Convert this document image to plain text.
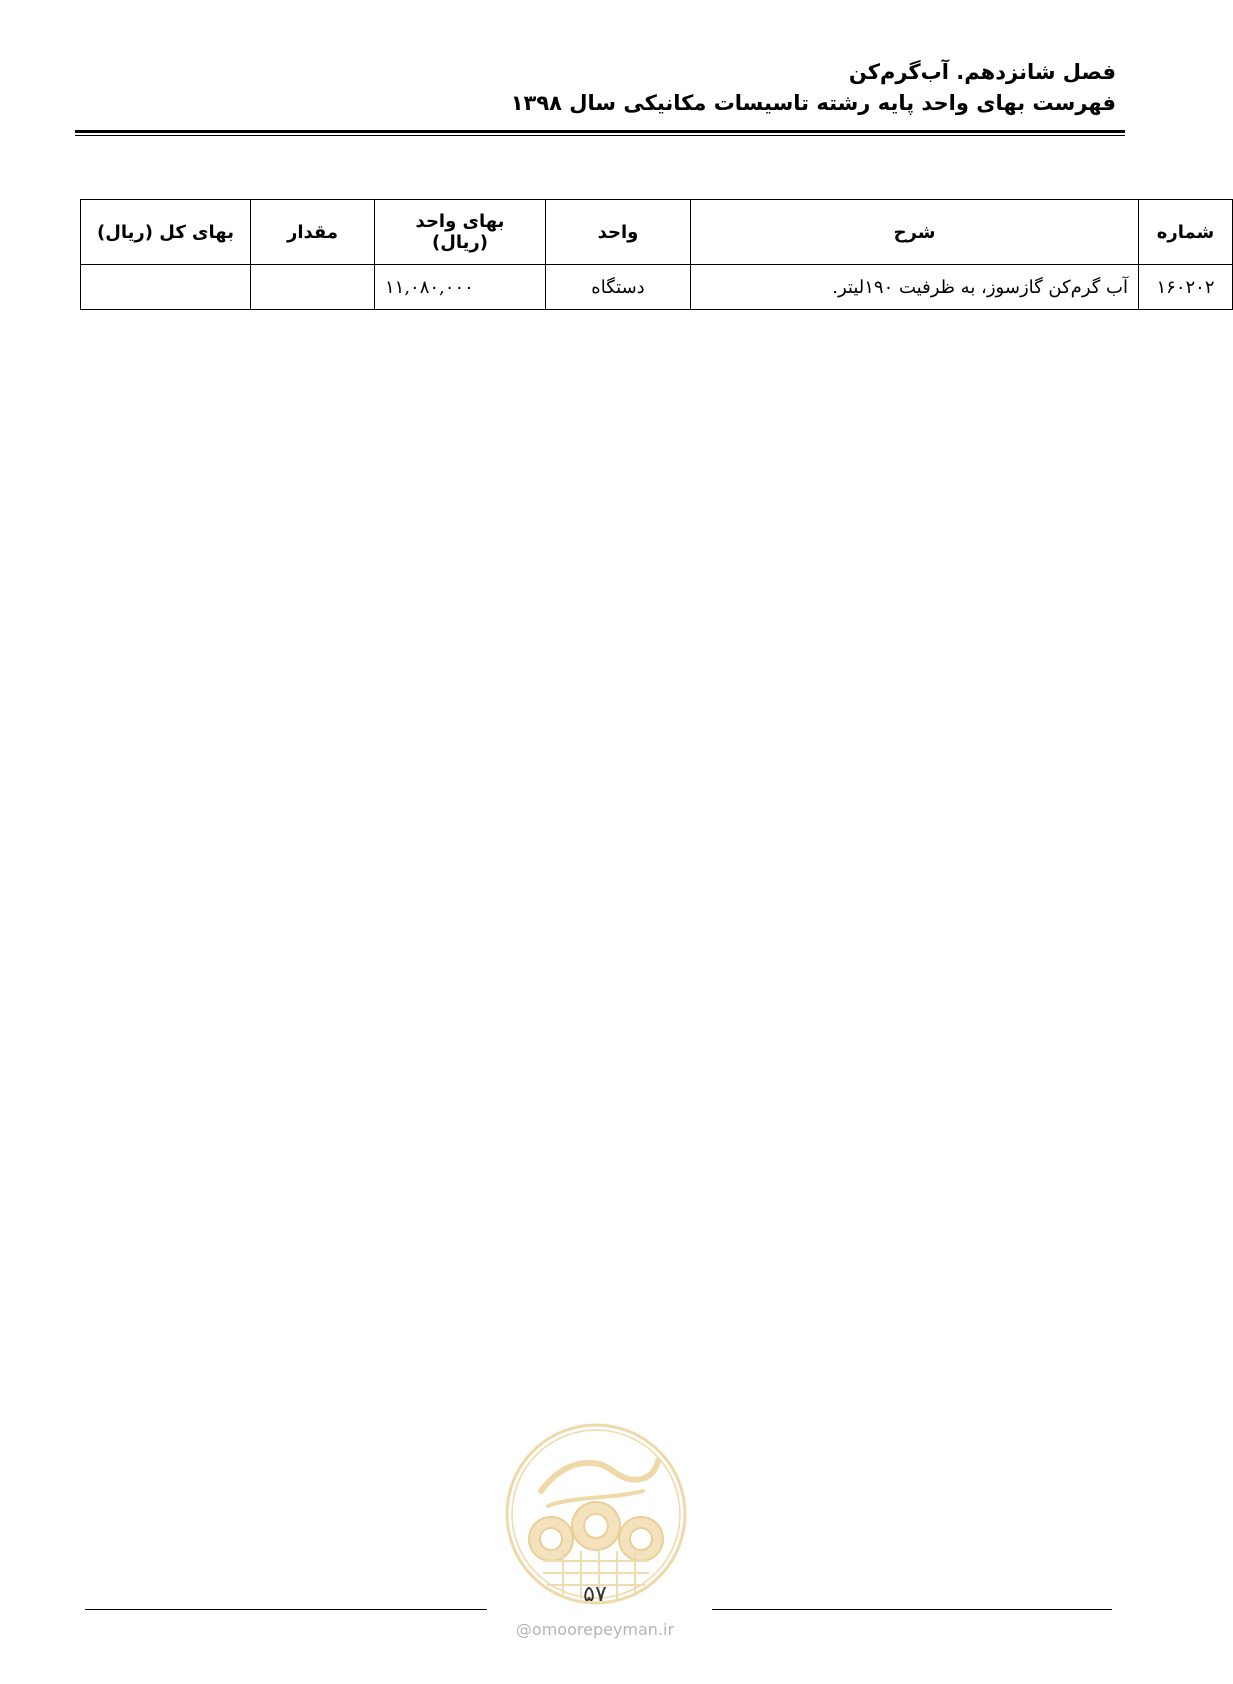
فصل شانزدهم. آب‌گرم‌کن
فهرست بهای واحد پایه رشته تاسیسات مکانیکی سال ۱۳۹۸
شماره	شرح	واحد	بهای واحد (ریال)	مقدار	بهای کل (ریال)
۱۶۰۲۰۲	آب گرم‌کن گازسوز، به ظرفیت ۱۹۰لیتر.	دستگاه	۱۱,۰۸۰,۰۰۰		
۵۷
@omoorepeyman.ir
